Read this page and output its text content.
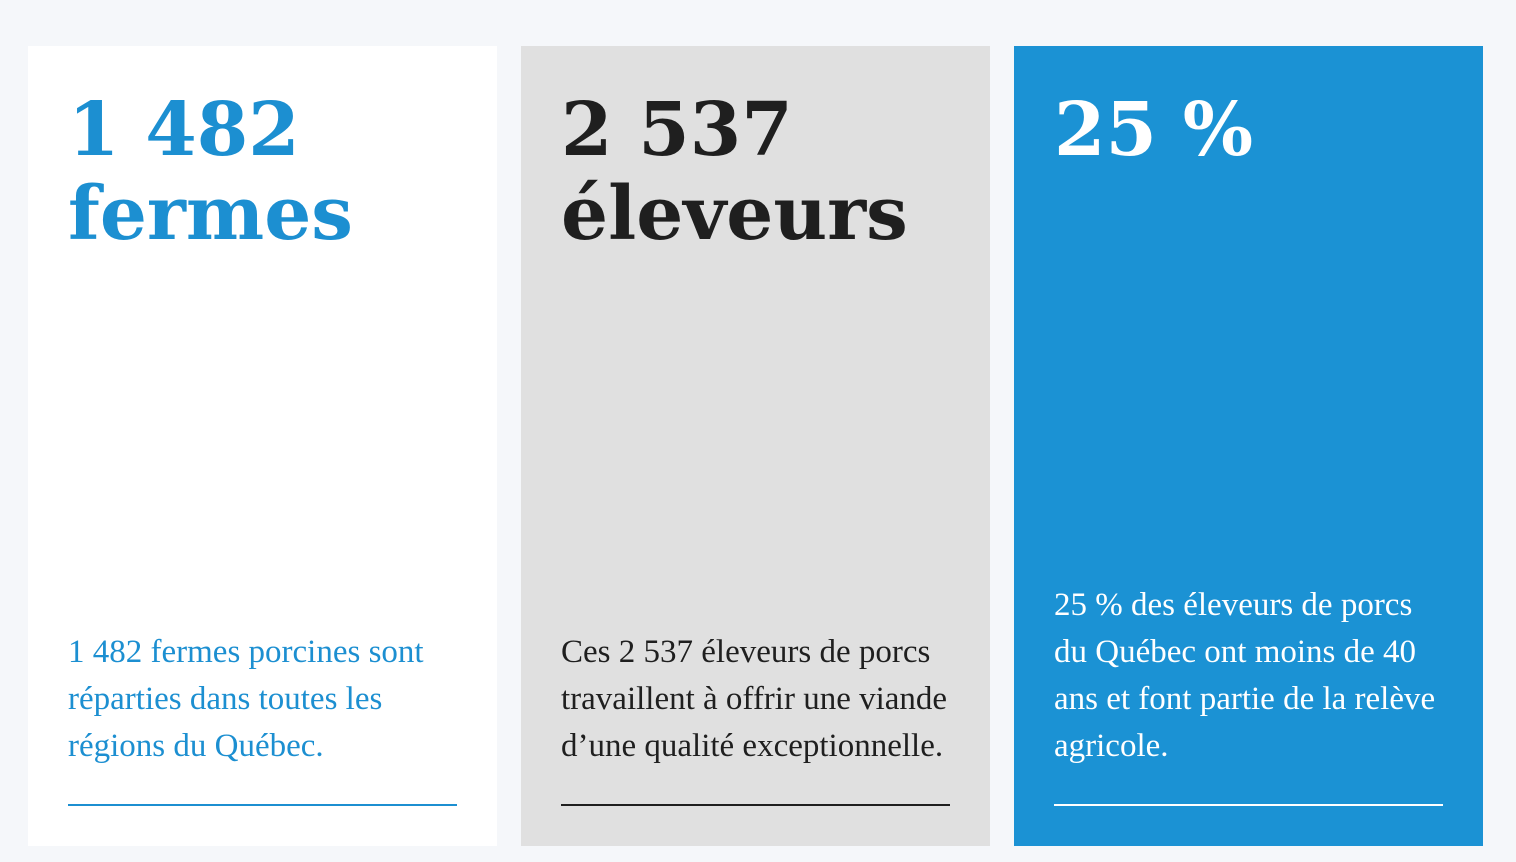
1 482
fermes

1 482 fermes porcines sont réparties dans toutes les régions du Québec.

2 537
éleveurs

Ces 2 537 éleveurs de porcs travaillent à offrir une viande d’une qualité exceptionnelle.

25 %

25 % des éleveurs de porcs du Québec ont moins de 40 ans et font partie de la relève agricole.
